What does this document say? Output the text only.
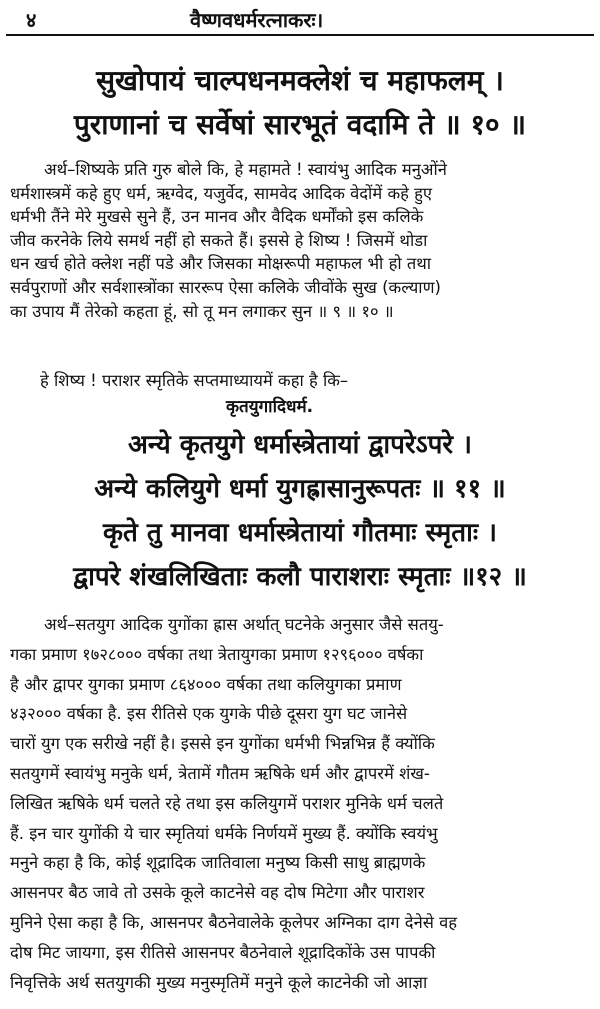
४	वैष्णवधर्मरत्नाकरः।
सुखोपायं चाल्पधनमक्लेशं च महाफलम् ।
पुराणानां च सर्वेषां सारभूतं वदामि ते ॥ १० ॥
अर्थ–शिष्यके प्रति गुरु बोले कि, हे महामते ! स्वायंभु आदिक मनुओंने
धर्मशास्त्रमें कहे हुए धर्म, ऋग्वेद, यजुर्वेद, सामवेद आदिक वेदोंमें कहे हुए
धर्मभी तैंने मेरे मुखसे सुने हैं, उन मानव और वैदिक धर्मोंको इस कलिके
जीव करनेके लिये समर्थ नहीं हो सकते हैं। इससे हे शिष्य ! जिसमें थोडा
धन खर्च होते क्लेश नहीं पडे और जिसका मोक्षरूपी महाफल भी हो तथा
सर्वपुराणों और सर्वशास्त्रोंका साररूप ऐसा कलिके जीवोंके सुख (कल्याण)
का उपाय मैं तेरेको कहता हूं, सो तू मन लगाकर सुन ॥ ९ ॥ १० ॥
हे शिष्य ! पराशर स्मृतिके सप्तमाध्यायमें कहा है कि–
कृतयुगादिधर्म.
अन्ये कृतयुगे धर्मास्त्रेतायां द्वापरेऽपरे ।
अन्ये कलियुगे धर्मा युगह्रासानुरूपतः ॥ ११ ॥
कृते तु मानवा धर्मास्त्रेतायां गौतमाः स्मृताः ।
द्वापरे शंखलिखिताः कलौ पाराशराः स्मृताः ॥१२ ॥
अर्थ–सतयुग आदिक युगोंका ह्रास अर्थात् घटनेके अनुसार जैसे सतयु-
गका प्रमाण १७२८००० वर्षका तथा त्रेतायुगका प्रमाण १२९६००० वर्षका
है और द्वापर युगका प्रमाण ८६४००० वर्षका तथा कलियुगका प्रमाण
४३२००० वर्षका है. इस रीतिसे एक युगके पीछे दूसरा युग घट जानेसे
चारों युग एक सरीखे नहीं है। इससे इन युगोंका धर्मभी भिन्नभिन्न हैं क्योंकि
सतयुगमें स्वायंभु मनुके धर्म, त्रेतामें गौतम ऋषिके धर्म और द्वापरमें शंख-
लिखित ऋषिके धर्म चलते रहे तथा इस कलियुगमें पराशर मुनिके धर्म चलते
हैं. इन चार युगोंकी ये चार स्मृतियां धर्मके निर्णयमें मुख्य हैं. क्योंकि स्वयंभु
मनुने कहा है कि, कोई शूद्रादिक जातिवाला मनुष्य किसी साधु ब्राह्मणके
आसनपर बैठ जावे तो उसके कूले काटनेसे वह दोष मिटेगा और पाराशर
मुनिने ऐसा कहा है कि, आसनपर बैठनेवालेके कूलेपर अग्निका दाग देनेसे वह
दोष मिट जायगा, इस रीतिसे आसनपर बैठनेवाले शूद्रादिकोंके उस पापकी
निवृत्तिके अर्थ सतयुगकी मुख्य मनुस्मृतिमें मनुने कूले काटनेकी जो आज्ञा
